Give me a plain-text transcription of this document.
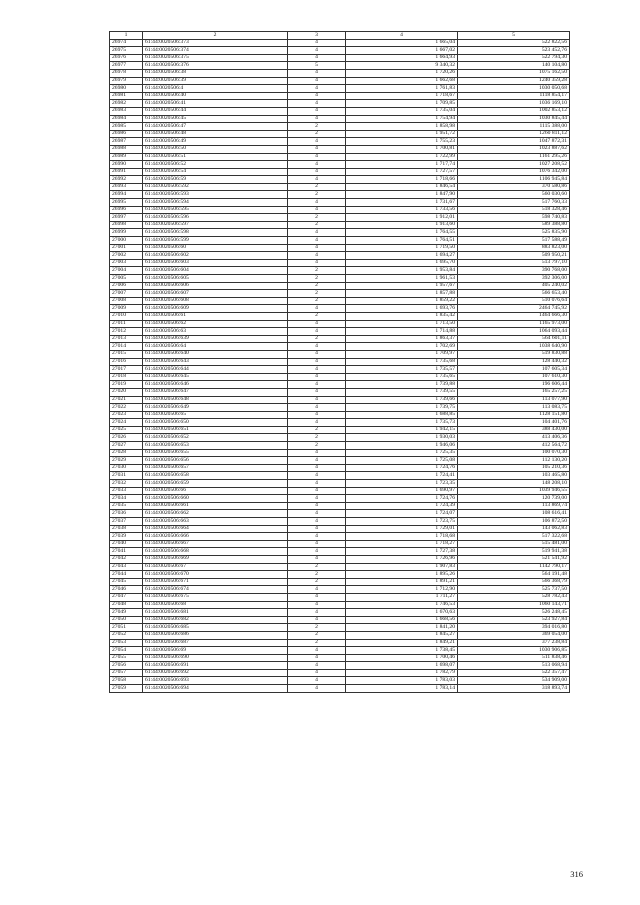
1	2	3	4	5
26974	61:44:0020506:373	4	1 665,04	522 822,56
26975	61:44:0020506:374	4	1 667,02	523 452,76
26976	61:44:0020506:375	4	1 664,93	522 794,30
26977	61:44:0020506:376	5	9 340,32	140 104,80
26978	61:44:0020506:38	4	1 720,26	1075 162,50
26979	61:44:0020506:39	4	1 662,68	1240 359,28
26980	61:44:0020506:4	4	1 761,83	1030 050,68
26981	61:44:0020506:40	4	1 718,67	1118 854,17
26982	61:44:0020506:41	4	1 709,85	1036 169,10
26983	61:44:0020506:44	4	1 735,04	1002 853,12
26984	61:44:0020506:45	4	1 754,94	1030 845,44
26985	61:44:0020506:47	2	1 858,98	1115 388,00
26986	61:44:0020506:48	2	1 951,72	1260 811,12
26987	61:44:0020506:49	4	1 755,23	1047 872,31
26988	61:44:0020506:50	4	1 700,81	1023 887,62
26989	61:44:0020506:51	4	1 722,99	1161 295,26
26990	61:44:0020506:52	4	1 717,74	1027 208,52
26991	61:44:0020506:54	4	1 727,57	1076 342,00
26992	61:44:0020506:59	4	1 718,66	1106 945,84
26993	61:44:0020506:592	2	1 846,54	370 580,86
26994	61:44:0020506:593	2	1 847,90	560 030,60
26995	61:44:0020506:594	4	1 731,67	517 760,33
26996	61:44:0020506:595	4	1 733,56	518 328,46
26997	61:44:0020506:596	2	1 912,01	598 740,83
26998	61:44:0020506:597	2	1 913,60	589 388,80
26999	61:44:0020506:598	4	1 764,55	525 835,90
27000	61:44:0020506:599	4	1 764,51	517 588,49
27001	61:44:0020506:60	4	1 719,50	883 823,00
27002	61:44:0020506:602	4	1 694,27	509 950,21
27003	61:44:0020506:603	4	1 695,70	513 797,10
27004	61:44:0020506:604	2	1 953,84	390 768,00
27005	61:44:0020506:605	2	1 961,53	392 306,00
27006	61:44:0020506:606	2	1 957,67	405 240,02
27007	61:44:0020506:607	2	1 857,88	566 653,40
27008	61:44:0020506:608	2	1 859,22	510 076,64
27009	61:44:0020506:609	4	1 693,76	2464 745,92
27010	61:44:0020506:61	2	1 835,42	1464 666,30
27011	61:44:0020506:62	4	1 713,50	1165 973,00
27012	61:44:0020506:63	4	1 714,88	1064 093,44
27013	61:44:0020506:639	2	1 863,37	564 601,11
27014	61:44:0020506:64	4	1 702,69	1038 640,90
27015	61:44:0020506:640	4	1 709,97	519 830,88
27016	61:44:0020506:643	4	1 735,68	128 440,32
27017	61:44:0020506:644	4	1 735,57	107 605,34
27018	61:44:0020506:645	4	1 735,65	107 610,30
27019	61:44:0020506:646	4	1 739,88	196 606,44
27020	61:44:0020506:647	4	1 739,55	165 257,25
27021	61:44:0020506:648	4	1 739,66	113 077,90
27022	61:44:0020506:649	4	1 739,75	113 083,75
27023	61:44:0020506:65	4	1 688,85	1128 151,80
27024	61:44:0020506:650	4	1 735,73	104 401,76
27025	61:44:0020506:651	2	1 942,15	388 430,00
27026	61:44:0020506:652	2	1 930,03	413 406,36
27027	61:44:0020506:653	2	1 946,06	412 564,72
27028	61:44:0020506:655	4	1 725,35	100 070,30
27029	61:44:0020506:656	4	1 725,08	112 130,20
27030	61:44:0020506:657	4	1 724,76	105 210,36
27031	61:44:0020506:658	4	1 724,41	103 465,80
27032	61:44:0020506:659	4	1 723,35	148 208,10
27033	61:44:0020506:66	4	1 690,97	1039 946,55
27034	61:44:0020506:660	4	1 724,76	120 739,00
27035	61:44:0020506:661	4	1 724,39	113 869,74
27036	61:44:0020506:662	4	1 724,07	108 616,41
27037	61:44:0020506:663	4	1 723,75	106 872,50
27038	61:44:0020506:664	4	1 729,01	143 062,83
27039	61:44:0020506:666	4	1 718,68	517 322,68
27040	61:44:0020506:667	4	1 718,27	515 481,00
27041	61:44:0020506:668	4	1 727,38	519 941,38
27042	61:44:0020506:669	4	1 726,96	521 541,92
27043	61:44:0020506:67	2	1 907,83	1142 790,17
27044	61:44:0020506:670	2	1 895,26	564 191,48
27045	61:44:0020506:671	2	1 891,21	566 368,79
27046	61:44:0020506:674	4	1 712,90	525 737,50
27047	61:44:0020506:675	4	1 711,27	528 782,43
27048	61:44:0020506:68	4	1 746,53	1060 143,71
27049	61:44:0020506:681	4	1 670,63	526 248,45
27050	61:44:0020506:682	4	1 668,56	523 927,84
27051	61:44:0020506:685	2	1 841,20	394 016,80
27052	61:44:0020506:686	2	1 845,27	369 054,00
27053	61:44:0020506:687	2	1 849,21	377 238,84
27054	61:44:0020506:69	4	1 738,45	1030 906,85
27055	61:44:0020506:690	4	1 700,46	511 838,46
27056	61:44:0020506:691	4	1 698,07	513 068,94
27057	61:44:0020506:692	4	1 782,79	522 357,47
27058	61:44:0020506:693	4	1 783,03	534 909,00
27059	61:44:0020506:694	4	1 783,14	318 893,74
316
